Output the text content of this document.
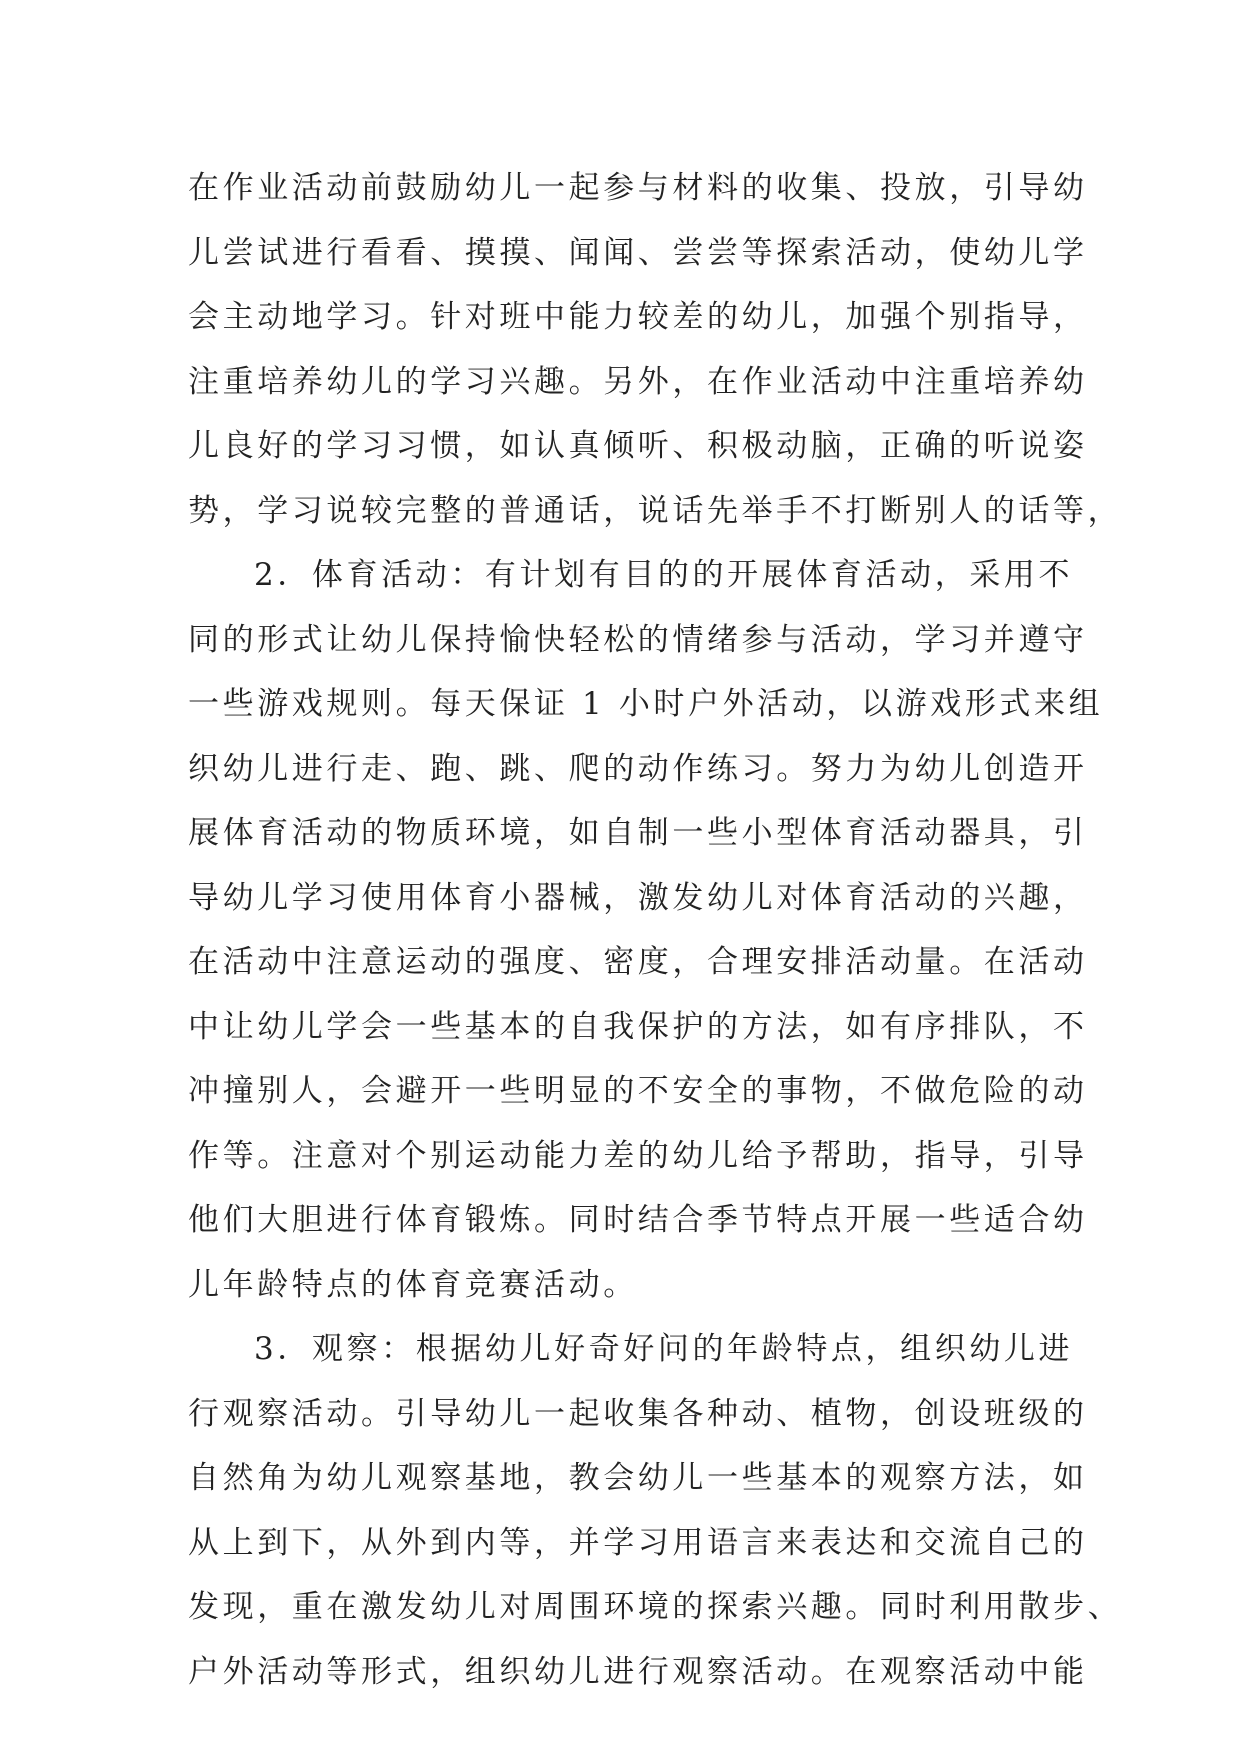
在作业活动前鼓励幼儿一起参与材料的收集、投放，引导幼
儿尝试进行看看、摸摸、闻闻、尝尝等探索活动，使幼儿学
会主动地学习。针对班中能力较差的幼儿，加强个别指导，
注重培养幼儿的学习兴趣。另外，在作业活动中注重培养幼
儿良好的学习习惯，如认真倾听、积极动脑，正确的听说姿
势，学习说较完整的普通话，说话先举手不打断别人的话等，
2．体育活动：有计划有目的的开展体育活动，采用不
同的形式让幼儿保持愉快轻松的情绪参与活动，学习并遵守
一些游戏规则。每天保证 1 小时户外活动，以游戏形式来组
织幼儿进行走、跑、跳、爬的动作练习。努力为幼儿创造开
展体育活动的物质环境，如自制一些小型体育活动器具，引
导幼儿学习使用体育小器械，激发幼儿对体育活动的兴趣，
在活动中注意运动的强度、密度，合理安排活动量。在活动
中让幼儿学会一些基本的自我保护的方法，如有序排队，不
冲撞别人，会避开一些明显的不安全的事物，不做危险的动
作等。注意对个别运动能力差的幼儿给予帮助，指导，引导
他们大胆进行体育锻炼。同时结合季节特点开展一些适合幼
儿年龄特点的体育竞赛活动。
3．观察：根据幼儿好奇好问的年龄特点，组织幼儿进
行观察活动。引导幼儿一起收集各种动、植物，创设班级的
自然角为幼儿观察基地，教会幼儿一些基本的观察方法，如
从上到下，从外到内等，并学习用语言来表达和交流自己的
发现，重在激发幼儿对周围环境的探索兴趣。同时利用散步、
户外活动等形式，组织幼儿进行观察活动。在观察活动中能
